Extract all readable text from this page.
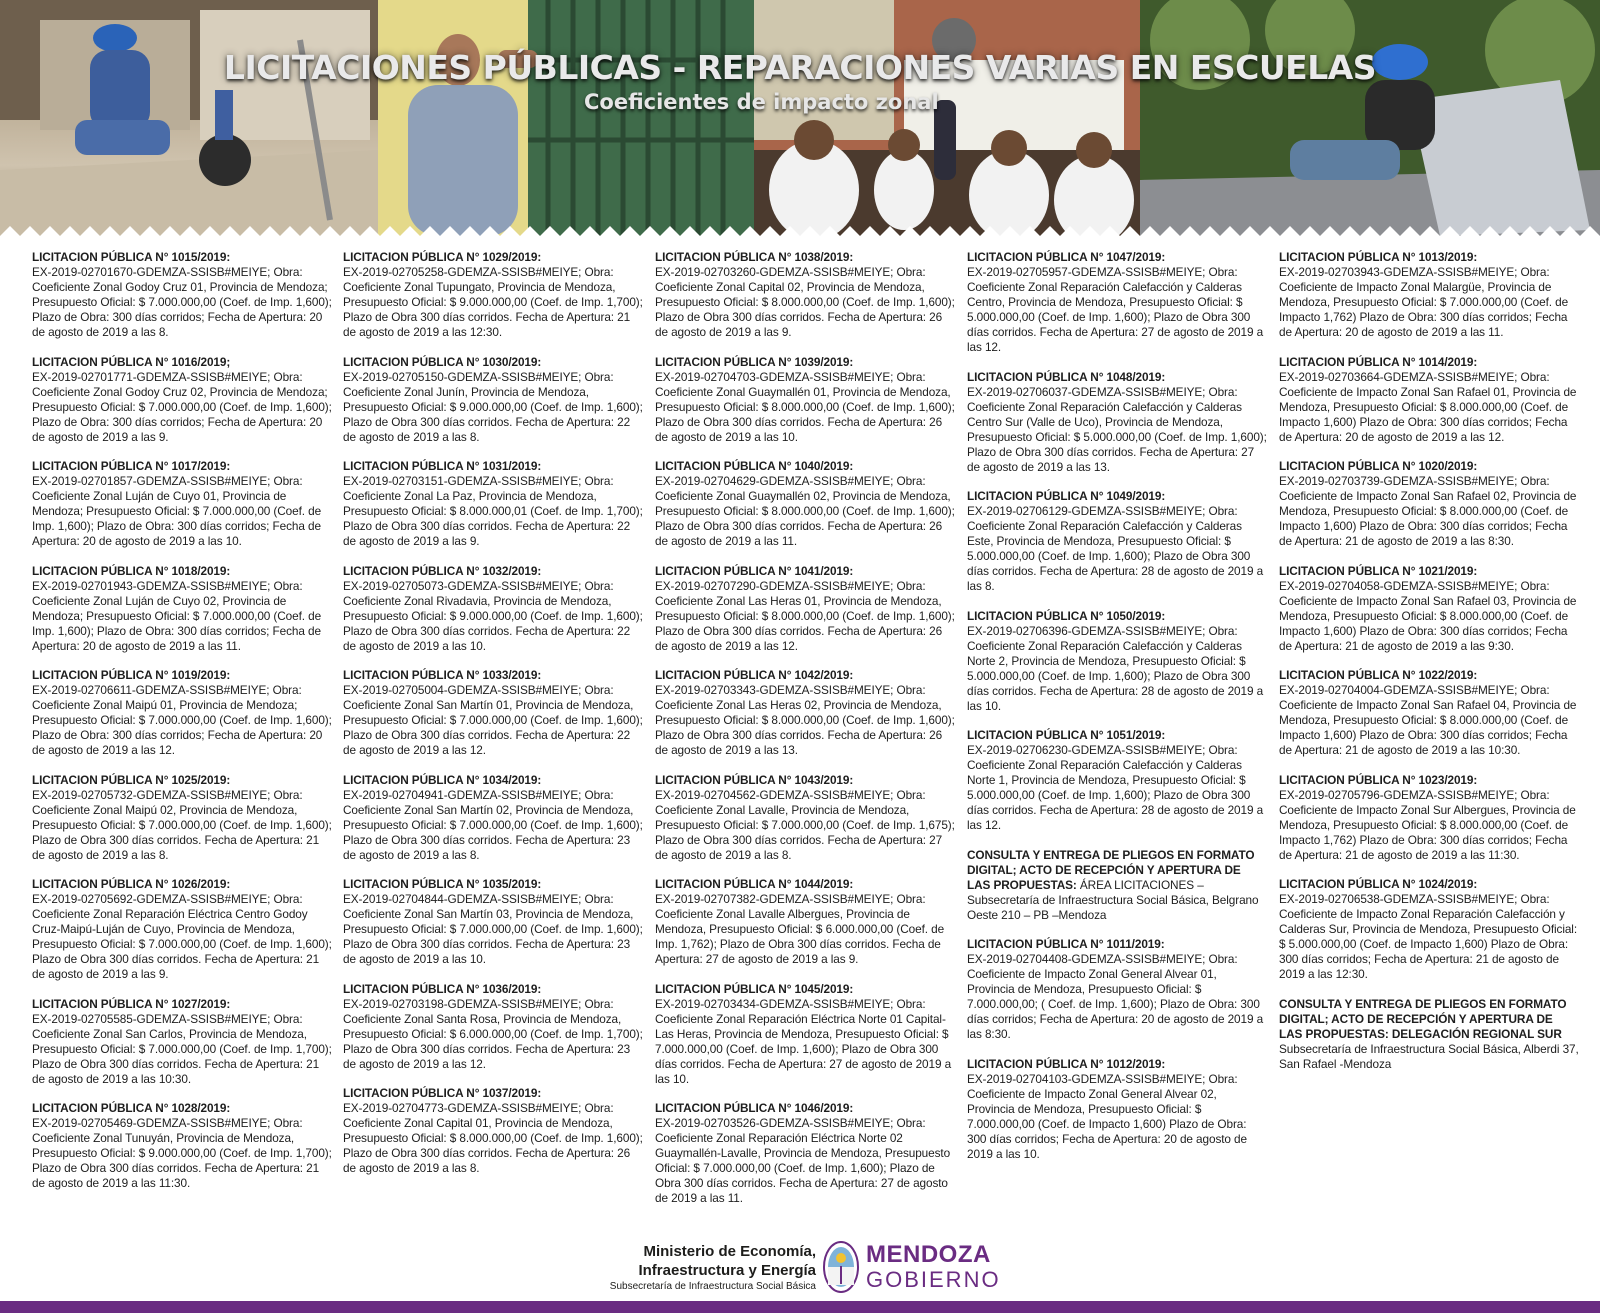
LICITACIONES PÚBLICAS - REPARACIONES VARIAS EN ESCUELAS
Coeficientes de impacto zonal
LICITACION PÚBLICA N° 1015/2019:
EX-2019-02701670-GDEMZA-SSISB#MEIYE; Obra: Coeficiente Zonal Godoy Cruz 01, Provincia de Mendoza; Presupuesto Oficial: $ 7.000.000,00 (Coef. de Imp. 1,600); Plazo de Obra: 300 días corridos; Fecha de Apertura: 20 de agosto de 2019 a las 8.
LICITACION PÚBLICA N° 1016/2019;
EX-2019-02701771-GDEMZA-SSISB#MEIYE; Obra: Coeficiente Zonal Godoy Cruz 02, Provincia de Mendoza; Presupuesto Oficial: $ 7.000.000,00 (Coef. de Imp. 1,600); Plazo de Obra: 300 días corridos; Fecha de Apertura: 20 de agosto de 2019 a las 9.
LICITACION PÚBLICA N° 1017/2019:
EX-2019-02701857-GDEMZA-SSISB#MEIYE; Obra: Coeficiente Zonal Luján de Cuyo 01, Provincia de Mendoza; Presupuesto Oficial: $ 7.000.000,00 (Coef. de Imp. 1,600); Plazo de Obra: 300 días corridos; Fecha de Apertura: 20 de agosto de 2019 a las 10.
LICITACION PÚBLICA N° 1018/2019:
EX-2019-02701943-GDEMZA-SSISB#MEIYE; Obra: Coeficiente Zonal Luján de Cuyo 02, Provincia de Mendoza; Presupuesto Oficial: $ 7.000.000,00 (Coef. de Imp. 1,600); Plazo de Obra: 300 días corridos; Fecha de Apertura: 20 de agosto de 2019 a las 11.
LICITACION PÚBLICA N° 1019/2019:
EX-2019-02706611-GDEMZA-SSISB#MEIYE; Obra: Coeficiente Zonal Maipú 01, Provincia de Mendoza; Presupuesto Oficial: $ 7.000.000,00 (Coef. de Imp. 1,600); Plazo de Obra: 300 días corridos; Fecha de Apertura: 20 de agosto de 2019 a las 12.
LICITACION PÚBLICA N° 1025/2019:
EX-2019-02705732-GDEMZA-SSISB#MEIYE; Obra: Coeficiente Zonal Maipú 02, Provincia de Mendoza, Presupuesto Oficial: $ 7.000.000,00 (Coef. de Imp. 1,600); Plazo de Obra 300 días corridos. Fecha de Apertura: 21 de agosto de 2019 a las 8.
LICITACION PÚBLICA N° 1026/2019:
EX-2019-02705692-GDEMZA-SSISB#MEIYE; Obra: Coeficiente Zonal Reparación Eléctrica Centro Godoy Cruz-Maipú-Luján de Cuyo, Provincia de Mendoza, Presupuesto Oficial: $ 7.000.000,00 (Coef. de Imp. 1,600); Plazo de Obra 300 días corridos. Fecha de Apertura: 21 de agosto de 2019 a las 9.
LICITACION PÚBLICA N° 1027/2019:
EX-2019-02705585-GDEMZA-SSISB#MEIYE; Obra: Coeficiente Zonal San Carlos, Provincia de Mendoza, Presupuesto Oficial: $ 7.000.000,00 (Coef. de Imp. 1,700); Plazo de Obra 300 días corridos. Fecha de Apertura: 21 de agosto de 2019 a las 10:30.
LICITACION PÚBLICA N° 1028/2019:
EX-2019-02705469-GDEMZA-SSISB#MEIYE; Obra: Coeficiente Zonal Tunuyán, Provincia de Mendoza, Presupuesto Oficial: $ 9.000.000,00 (Coef. de Imp. 1,700); Plazo de Obra 300 días corridos. Fecha de Apertura: 21 de agosto de 2019 a las 11:30.
LICITACION PÚBLICA N° 1029/2019:
EX-2019-02705258-GDEMZA-SSISB#MEIYE; Obra: Coeficiente Zonal Tupungato, Provincia de Mendoza, Presupuesto Oficial: $ 9.000.000,00 (Coef. de Imp. 1,700); Plazo de Obra 300 días corridos. Fecha de Apertura: 21 de agosto de 2019 a las 12:30.
LICITACION PÚBLICA N° 1030/2019:
EX-2019-02705150-GDEMZA-SSISB#MEIYE; Obra: Coeficiente Zonal Junín, Provincia de Mendoza, Presupuesto Oficial: $ 9.000.000,00 (Coef. de Imp. 1,600); Plazo de Obra 300 días corridos. Fecha de Apertura: 22 de agosto de 2019 a las 8.
LICITACION PÚBLICA N° 1031/2019:
EX-2019-02703151-GDEMZA-SSISB#MEIYE; Obra: Coeficiente Zonal La Paz, Provincia de Mendoza, Presupuesto Oficial: $ 8.000.000,01 (Coef. de Imp. 1,700); Plazo de Obra 300 días corridos. Fecha de Apertura: 22 de agosto de 2019 a las 9.
LICITACION PÚBLICA N° 1032/2019:
EX-2019-02705073-GDEMZA-SSISB#MEIYE; Obra: Coeficiente Zonal Rivadavia, Provincia de Mendoza, Presupuesto Oficial: $ 9.000.000,00 (Coef. de Imp. 1,600); Plazo de Obra 300 días corridos. Fecha de Apertura: 22 de agosto de 2019 a las 10.
LICITACION PÚBLICA N° 1033/2019:
EX-2019-02705004-GDEMZA-SSISB#MEIYE; Obra: Coeficiente Zonal San Martín 01, Provincia de Mendoza, Presupuesto Oficial: $ 7.000.000,00 (Coef. de Imp. 1,600); Plazo de Obra 300 días corridos. Fecha de Apertura: 22 de agosto de 2019 a las 12.
LICITACION PÚBLICA N° 1034/2019:
EX-2019-02704941-GDEMZA-SSISB#MEIYE; Obra: Coeficiente Zonal San Martín 02, Provincia de Mendoza, Presupuesto Oficial: $ 7.000.000,00 (Coef. de Imp. 1,600); Plazo de Obra 300 días corridos. Fecha de Apertura: 23 de agosto de 2019 a las 8.
LICITACION PÚBLICA N° 1035/2019:
EX-2019-02704844-GDEMZA-SSISB#MEIYE; Obra: Coeficiente Zonal San Martín 03, Provincia de Mendoza, Presupuesto Oficial: $ 7.000.000,00 (Coef. de Imp. 1,600); Plazo de Obra 300 días corridos. Fecha de Apertura: 23 de agosto de 2019 a las 10.
LICITACION PÚBLICA N° 1036/2019:
EX-2019-02703198-GDEMZA-SSISB#MEIYE; Obra: Coeficiente Zonal Santa Rosa, Provincia de Mendoza, Presupuesto Oficial: $ 6.000.000,00 (Coef. de Imp. 1,700); Plazo de Obra 300 días corridos. Fecha de Apertura: 23 de agosto de 2019 a las 12.
LICITACION PÚBLICA N° 1037/2019:
EX-2019-02704773-GDEMZA-SSISB#MEIYE; Obra: Coeficiente Zonal Capital 01, Provincia de Mendoza, Presupuesto Oficial: $ 8.000.000,00 (Coef. de Imp. 1,600); Plazo de Obra 300 días corridos. Fecha de Apertura: 26 de agosto de 2019 a las 8.
LICITACION PÚBLICA N° 1038/2019:
EX-2019-02703260-GDEMZA-SSISB#MEIYE; Obra: Coeficiente Zonal Capital 02, Provincia de Mendoza, Presupuesto Oficial: $ 8.000.000,00 (Coef. de Imp. 1,600); Plazo de Obra 300 días corridos. Fecha de Apertura: 26 de agosto de 2019 a las 9.
LICITACION PÚBLICA N° 1039/2019:
EX-2019-02704703-GDEMZA-SSISB#MEIYE; Obra: Coeficiente Zonal Guaymallén 01, Provincia de Mendoza, Presupuesto Oficial: $ 8.000.000,00 (Coef. de Imp. 1,600); Plazo de Obra 300 días corridos. Fecha de Apertura: 26 de agosto de 2019 a las 10.
LICITACION PÚBLICA N° 1040/2019:
EX-2019-02704629-GDEMZA-SSISB#MEIYE; Obra: Coeficiente Zonal Guaymallén 02, Provincia de Mendoza, Presupuesto Oficial: $ 8.000.000,00 (Coef. de Imp. 1,600); Plazo de Obra 300 días corridos. Fecha de Apertura: 26 de agosto de 2019 a las 11.
LICITACION PÚBLICA N° 1041/2019:
EX-2019-02707290-GDEMZA-SSISB#MEIYE; Obra: Coeficiente Zonal Las Heras 01, Provincia de Mendoza, Presupuesto Oficial: $ 8.000.000,00 (Coef. de Imp. 1,600); Plazo de Obra 300 días corridos. Fecha de Apertura: 26 de agosto de 2019 a las 12.
LICITACION PÚBLICA N° 1042/2019:
EX-2019-02703343-GDEMZA-SSISB#MEIYE; Obra: Coeficiente Zonal Las Heras 02, Provincia de Mendoza, Presupuesto Oficial: $ 8.000.000,00 (Coef. de Imp. 1,600); Plazo de Obra 300 días corridos. Fecha de Apertura: 26 de agosto de 2019 a las 13.
LICITACION PÚBLICA N° 1043/2019:
EX-2019-02704562-GDEMZA-SSISB#MEIYE; Obra: Coeficiente Zonal Lavalle, Provincia de Mendoza, Presupuesto Oficial: $ 7.000.000,00 (Coef. de Imp. 1,675); Plazo de Obra 300 días corridos. Fecha de Apertura: 27 de agosto de 2019 a las 8.
LICITACION PÚBLICA N° 1044/2019:
EX-2019-02707382-GDEMZA-SSISB#MEIYE; Obra: Coeficiente Zonal Lavalle Albergues, Provincia de Mendoza, Presupuesto Oficial: $ 6.000.000,00 (Coef. de Imp. 1,762); Plazo de Obra 300 días corridos. Fecha de Apertura: 27 de agosto de 2019 a las 9.
LICITACION PÚBLICA N° 1045/2019:
EX-2019-02703434-GDEMZA-SSISB#MEIYE; Obra: Coeficiente Zonal Reparación Eléctrica Norte 01 Capital-Las Heras, Provincia de Mendoza, Presupuesto Oficial: $ 7.000.000,00 (Coef. de Imp. 1,600); Plazo de Obra 300 días corridos. Fecha de Apertura: 27 de agosto de 2019 a las 10.
LICITACION PÚBLICA N° 1046/2019:
EX-2019-02703526-GDEMZA-SSISB#MEIYE; Obra: Coeficiente Zonal Reparación Eléctrica Norte 02 Guaymallén-Lavalle, Provincia de Mendoza, Presupuesto Oficial: $ 7.000.000,00 (Coef. de Imp. 1,600); Plazo de Obra 300 días corridos. Fecha de Apertura: 27 de agosto de 2019 a las 11.
LICITACION PÚBLICA N° 1047/2019:
EX-2019-02705957-GDEMZA-SSISB#MEIYE; Obra: Coeficiente Zonal Reparación Calefacción y Calderas Centro, Provincia de Mendoza, Presupuesto Oficial: $ 5.000.000,00 (Coef. de Imp. 1,600); Plazo de Obra 300 días corridos. Fecha de Apertura: 27 de agosto de 2019 a las 12.
LICITACION PÚBLICA N° 1048/2019:
EX-2019-02706037-GDEMZA-SSISB#MEIYE; Obra: Coeficiente Zonal Reparación Calefacción y Calderas Centro Sur (Valle de Uco), Provincia de Mendoza, Presupuesto Oficial: $ 5.000.000,00 (Coef. de Imp. 1,600); Plazo de Obra 300 días corridos. Fecha de Apertura: 27 de agosto de 2019 a las 13.
LICITACION PÚBLICA N° 1049/2019:
EX-2019-02706129-GDEMZA-SSISB#MEIYE; Obra: Coeficiente Zonal Reparación Calefacción y Calderas Este, Provincia de Mendoza, Presupuesto Oficial: $ 5.000.000,00 (Coef. de Imp. 1,600); Plazo de Obra 300 días corridos. Fecha de Apertura: 28 de agosto de 2019 a las 8.
LICITACION PÚBLICA N° 1050/2019:
EX-2019-02706396-GDEMZA-SSISB#MEIYE; Obra: Coeficiente Zonal Reparación Calefacción y Calderas Norte 2, Provincia de Mendoza, Presupuesto Oficial: $ 5.000.000,00 (Coef. de Imp. 1,600); Plazo de Obra 300 días corridos. Fecha de Apertura: 28 de agosto de 2019 a las 10.
LICITACION PÚBLICA N° 1051/2019:
EX-2019-02706230-GDEMZA-SSISB#MEIYE; Obra: Coeficiente Zonal Reparación Calefacción y Calderas Norte 1, Provincia de Mendoza, Presupuesto Oficial: $ 5.000.000,00 (Coef. de Imp. 1,600); Plazo de Obra 300 días corridos. Fecha de Apertura: 28 de agosto de 2019 a las 12.
CONSULTA Y ENTREGA DE PLIEGOS EN FORMATO DIGITAL; ACTO DE RECEPCIÓN Y APERTURA DE LAS PROPUESTAS: ÁREA LICITACIONES – Subsecretaría de Infraestructura Social Básica, Belgrano Oeste 210 – PB –Mendoza
LICITACION PÚBLICA N° 1011/2019:
EX-2019-02704408-GDEMZA-SSISB#MEIYE; Obra: Coeficiente de Impacto Zonal General Alvear 01, Provincia de Mendoza, Presupuesto Oficial: $ 7.000.000,00; ( Coef. de Imp. 1,600); Plazo de Obra: 300 días corridos; Fecha de Apertura: 20 de agosto de 2019 a las 8:30.
LICITACION PÚBLICA N° 1012/2019:
EX-2019-02704103-GDEMZA-SSISB#MEIYE; Obra: Coeficiente de Impacto Zonal General Alvear 02, Provincia de Mendoza, Presupuesto Oficial: $ 7.000.000,00 (Coef. de Impacto 1,600) Plazo de Obra: 300 días corridos; Fecha de Apertura: 20 de agosto de 2019 a las 10.
LICITACION PÚBLICA N° 1013/2019:
EX-2019-02703943-GDEMZA-SSISB#MEIYE; Obra: Coeficiente de Impacto Zonal Malargüe, Provincia de Mendoza, Presupuesto Oficial: $ 7.000.000,00 (Coef. de Impacto 1,762) Plazo de Obra: 300 días corridos; Fecha de Apertura: 20 de agosto de 2019 a las 11.
LICITACION PÚBLICA N° 1014/2019:
EX-2019-02703664-GDEMZA-SSISB#MEIYE; Obra: Coeficiente de Impacto Zonal San Rafael 01, Provincia de Mendoza, Presupuesto Oficial: $ 8.000.000,00 (Coef. de Impacto 1,600) Plazo de Obra: 300 días corridos; Fecha de Apertura: 20 de agosto de 2019 a las 12.
LICITACION PÚBLICA N° 1020/2019:
EX-2019-02703739-GDEMZA-SSISB#MEIYE; Obra: Coeficiente de Impacto Zonal San Rafael 02, Provincia de Mendoza, Presupuesto Oficial: $ 8.000.000,00 (Coef. de Impacto 1,600) Plazo de Obra: 300 días corridos; Fecha de Apertura: 21 de agosto de 2019 a las 8:30.
LICITACION PÚBLICA N° 1021/2019:
EX-2019-02704058-GDEMZA-SSISB#MEIYE; Obra: Coeficiente de Impacto Zonal San Rafael 03, Provincia de Mendoza, Presupuesto Oficial: $ 8.000.000,00 (Coef. de Impacto 1,600) Plazo de Obra: 300 días corridos; Fecha de Apertura: 21 de agosto de 2019 a las 9:30.
LICITACION PÚBLICA N° 1022/2019:
EX-2019-02704004-GDEMZA-SSISB#MEIYE; Obra: Coeficiente de Impacto Zonal San Rafael 04, Provincia de Mendoza, Presupuesto Oficial: $ 8.000.000,00 (Coef. de Impacto 1,600) Plazo de Obra: 300 días corridos; Fecha de Apertura: 21 de agosto de 2019 a las 10:30.
LICITACION PÚBLICA N° 1023/2019:
EX-2019-02705796-GDEMZA-SSISB#MEIYE; Obra: Coeficiente de Impacto Zonal Sur Albergues, Provincia de Mendoza, Presupuesto Oficial: $ 8.000.000,00 (Coef. de Impacto 1,762) Plazo de Obra: 300 días corridos; Fecha de Apertura: 21 de agosto de 2019 a las 11:30.
LICITACION PÚBLICA N° 1024/2019:
EX-2019-02706538-GDEMZA-SSISB#MEIYE; Obra: Coeficiente de Impacto Zonal Reparación Calefacción y Calderas Sur, Provincia de Mendoza, Presupuesto Oficial: $ 5.000.000,00 (Coef. de Impacto 1,600) Plazo de Obra: 300 días corridos; Fecha de Apertura: 21 de agosto de 2019 a las 12:30.
CONSULTA Y ENTREGA DE PLIEGOS EN FORMATO DIGITAL; ACTO DE RECEPCIÓN Y APERTURA DE LAS PROPUESTAS: DELEGACIÓN REGIONAL SUR
Subsecretaría de Infraestructura Social Básica, Alberdi 37, San Rafael -Mendoza
Ministerio de Economía,
Infraestructura y Energía
Subsecretaría de Infraestructura Social Básica
MENDOZA
GOBIERNO
